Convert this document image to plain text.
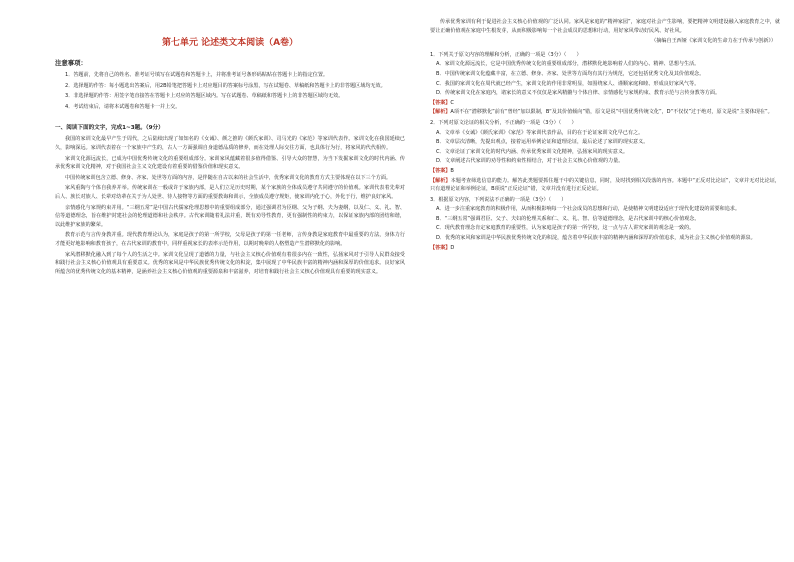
第七单元 论述类文本阅读（A卷）
注意事项：
1．答题前，先将自己的姓名、准考证号填写在试题卷和答题卡上，并将准考证号条形码粘贴在答题卡上的指定位置。
2．选择题的作答：每小题选出答案后，用2B铅笔把答题卡上对应题目的答案标号涂黑，写在试题卷、草稿纸和答题卡上的非答题区域均无效。
3．非选择题的作答：用签字笔直接答在答题卡上对应的答题区域内。写在试题卷、草稿纸和答题卡上的非答题区域均无效。
4．考试结束后，请将本试题卷和答题卡一并上交。
一、阅读下面的文字，完成1~3题。（9分）
我国的家训文化最早产生于周代，之后陆续出现了如知名的《女诫》、颜之推的《颜氏家训》、司马光的《家范》等家训代表作。家训文化在我国延续已久，影响深远。家训代表着在一个家族中产生的，古人一方面强调自身道德品质的修养，而在处理人际交往方面，也具体行为行，将家风的代代相传。
家训文化源远流长，已成为中国优秀传统文化的重要组成部分。家训家风蕴藏着很多值得借鉴、引导大众的智慧，为当下发掘家训文化的时代内涵、传承优秀家训文化精神，对于我国社会主义文化建设有着重要的借鉴价值和现实意义。
中国传统家训包含立德、修身、齐家、处世等方面的内容，是伴随在自古以来的社会生活中，优秀家训文化的教育方式主要体现在以下三个方面。
家风重陶与个体自我养并举。传统家训在一般或许于家族内部，是人们立足历史时期，某个家族的全体成员遵守共同遵守的价值观。家训代表着先辈对后人、族长对族人、长辈对幼辈在关于为人处世、待人接物等方面的重要教诲和训示，全族成员遵守规矩，使家训内化于心，外化于行，维护良好家风。
亲情感化与家规约束并用。“三纲五常”是中国古代儒家伦理思想中的重要组成部分，通过强调君为臣纲、父为子纲、夫为妻纲，以及仁、义、礼、智、信等道德理念，旨在维护封建社会的伦理道德和社会秩序。古代家训随着礼法并重，既有劝导性教育，更有强制性的约束力，以保证家族内部的团结和谐，以此维护家族的繁荣。
教育示范与言传身教并重。现代教育理论认为，家庭是孩子的第一所学校，父母是孩子的第一任老师，言传身教是家庭教育中最重要的方法，身体力行才能更好地影响和教育孩子，在古代家训的教育中，同样重视家长的表率示范作用，以期对晚辈的人格塑造产生潜移默化的影响。
家风潜移默化融入到了每个人的生活之中。家训文化呈现了道德的力量，与社会主义核心价值观有着很多内在一致性，弘扬家风对于引导人民群众接受和践行社会主义核心价值观具有重要意义。优秀的家风是中华民族优秀传统文化的积淀，集中展现了中华民族丰富的精神内涵和深厚的价值追求。良好家风所蕴含的优秀传统文化的基本精神，是涵养社会主义核心价值观的重要源泉和丰富滋养，对培育和践行社会主义核心价值观具有重要的现实意义。
传承优秀家训有利于促进社会主义核心价值观的广泛认同。家风是家庭的“精神家园”，家庭对社会产生影响，要把精神文明建设融入家庭教育之中，就要让正确价值观在家庭中生根发芽，从而积极影响每一个社会成员的思想和行动，用好家风带动好民风、好社风。
（摘编自王西娅《家训文化的生命力在于传承与创新》）
1．下列关于原文内容的理解和分析，正确的一项是（3分）（　　）
A．家训文化源远流长，它是中国优秀传统文化的重要组成部分，潜移默化地影响着人们的内心、精神、思想与生活。
B．中国传统家训文化蕴藏丰富，在立德、修身、齐家、处世等方面均有其行为规范，它还包括优秀文化及其价值观念。
C．我国的家训文化在周代就已经产生，家训文化的作用非常明显，如围绕家人、谨顺家庭和睦、形成良好家风气等。
D．传统家训文化在家庭内，诸家长的意义不仅仅是家风精髓与个体自律、亲情感化与家规约束、教育示范与言传身教等方面。
【答案】C
【解析】A项不在“潜移默化”前有“曾经”加以限制，B“及其价值倾向”错，原文是说“中国优秀传统文化”，D“不仅仅”过于绝对，原文是说“主要体现在”。
2．下列对原文论证的相关分析，不正确的一项是（3分）（　　）
A．文章举《女诫》《颜氏家训》《家范》等家训代表作品，目的在于论证家训文化早已有之。
B．文章层次清晰，先提出观点，接着运用举例论证和道理论证，最后论述了家训的现实意义。
C．文章论证了家训文化的时代内涵、传承优秀家训文化精神，弘扬家风的现实意义。
D．文章阐述古代家训的劝导性和约束性相结合，对于社会主义核心价值观的力量。
【答案】B
【解析】本题考查筛选信息的能力。解答此类题要抓住题干中的关键信息，同时，及时找到相关段落的内容。本题中“正反对比论证”，文章并无对比论证，只有道理论证和举例论证，B项说“正反论证”错，文章并没有进行正反论证。
3．根据原文内容，下列说法不正确的一项是（3分）（　　）
A．进一步注重家庭教育的积极作用，从而积极影响每一个社会成员的思想和行动，是使精神文明建设适应于现代化建设的需要和追求。
B．“三纲五常”强调君臣、父子、夫妇的伦理关系和仁、义、礼、智、信等道德理念，是古代家训中的核心价值观念。
C．现代教育理念肯定家庭教育的重要性，认为家庭是孩子的第一所学校，这一点与古人讲究家训的观念是一致的。
D．优秀的家风和家训是中华民族优秀传统文化的积淀，蕴含着中华民族丰富的精神内涵和深厚的价值追求，成为社会主义核心价值观的源泉。
【答案】D
